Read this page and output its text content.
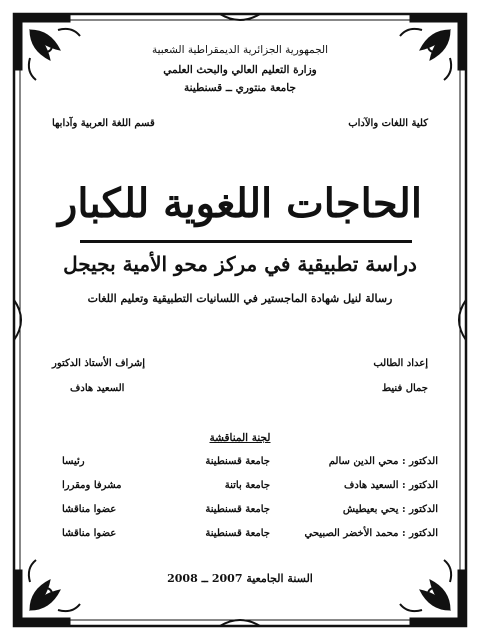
الجمهورية الجزائرية الديمقراطية الشعبية
وزارة التعليم العالي والبحث العلمي
جامعة منتوري ــ قسنطينة
كلية اللغات والآداب
قسم اللغة العربية وآدابها
الحاجات اللغوية للكبار
دراسة تطبيقية في مركز محو الأمية بجيجل
رسالة لنيل شهادة الماجستير في اللسانيات التطبيقية وتعليم اللغات
إعداد الطالب
جمال فنيط
إشراف الأستاذ الدكتور
السعيد هادف
لجنة المناقشة
الدكتور : محي الدين سالم
جامعة قسنطينة
رئيسا
الدكتور : السعيد هادف
جامعة باتنة
مشرفا ومقررا
الدكتور : يحي بعيطيش
جامعة قسنطينة
عضوا مناقشا
الدكتور : محمد الأخضر الصبيحي
جامعة قسنطينة
عضوا مناقشا
السنة الجامعية 2007 ــ 2008
